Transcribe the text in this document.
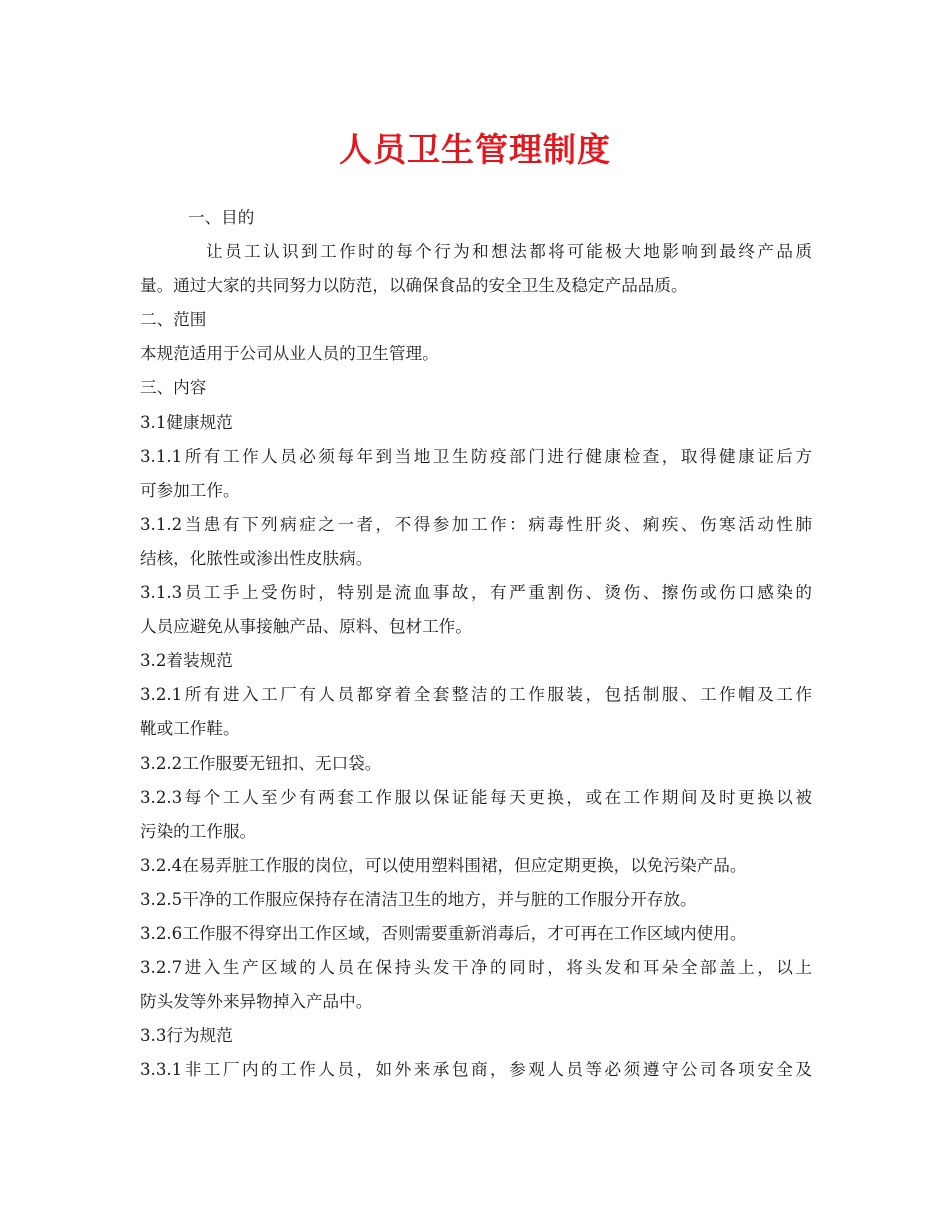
人员卫生管理制度
一、目的
让员工认识到工作时的每个行为和想法都将可能极大地影响到最终产品质
量。通过大家的共同努力以防范，以确保食品的安全卫生及稳定产品品质。
二、范围
本规范适用于公司从业人员的卫生管理。
三、内容
3.1健康规范
3.1.1所有工作人员必须每年到当地卫生防疫部门进行健康检查，取得健康证后方
可参加工作。
3.1.2当患有下列病症之一者，不得参加工作：病毒性肝炎、痢疾、伤寒活动性肺
结核，化脓性或渗出性皮肤病。
3.1.3员工手上受伤时，特别是流血事故，有严重割伤、烫伤、擦伤或伤口感染的
人员应避免从事接触产品、原料、包材工作。
3.2着装规范
3.2.1所有进入工厂有人员都穿着全套整洁的工作服装，包括制服、工作帽及工作
靴或工作鞋。
3.2.2工作服要无钮扣、无口袋。
3.2.3每个工人至少有两套工作服以保证能每天更换，或在工作期间及时更换以被
污染的工作服。
3.2.4在易弄脏工作服的岗位，可以使用塑料围裙，但应定期更换，以免污染产品。
3.2.5干净的工作服应保持存在清洁卫生的地方，并与脏的工作服分开存放。
3.2.6工作服不得穿出工作区域，否则需要重新消毒后，才可再在工作区域内使用。
3.2.7进入生产区域的人员在保持头发干净的同时，将头发和耳朵全部盖上，以上
防头发等外来异物掉入产品中。
3.3行为规范
3.3.1非工厂内的工作人员，如外来承包商，参观人员等必须遵守公司各项安全及
